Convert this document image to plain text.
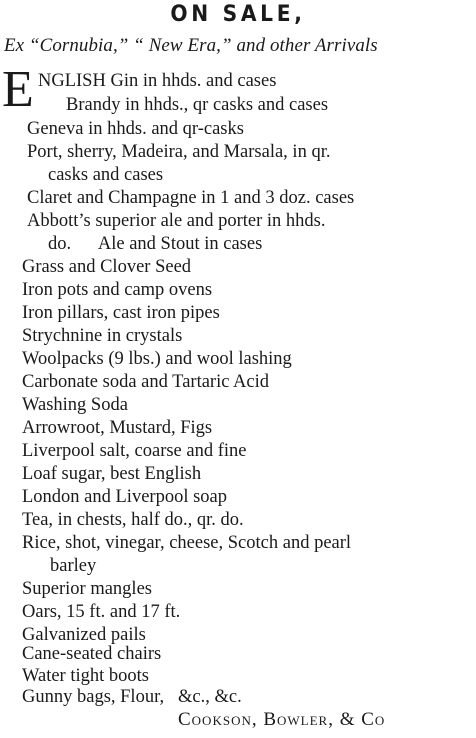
ON SALE,
Ex “Cornubia,” “ New Era,” and other Arrivals
E NGLISH Gin in hhds. and cases
Brandy in hhds., qr casks and cases
Geneva in hhds. and qr-casks
Port, sherry, Madeira, and Marsala, in qr.
casks and cases
Claret and Champagne in 1 and 3 doz. cases
Abbott’s superior ale and porter in hhds.
do.      Ale and Stout in cases
Grass and Clover Seed
Iron pots and camp ovens
Iron pillars, cast iron pipes
Strychnine in crystals
Woolpacks (9 lbs.) and wool lashing
Carbonate soda and Tartaric Acid
Washing Soda
Arrowroot, Mustard, Figs
Liverpool salt, coarse and fine
Loaf sugar, best English
London and Liverpool soap
Tea, in chests, half do., qr. do.
Rice, shot, vinegar, cheese, Scotch and pearl
barley
Superior mangles
Oars, 15 ft. and 17 ft.
Galvanized pails
Cane-seated chairs
Water tight boots
Gunny bags, Flour,   &c., &c.
Cookson, Bowler, & Co
